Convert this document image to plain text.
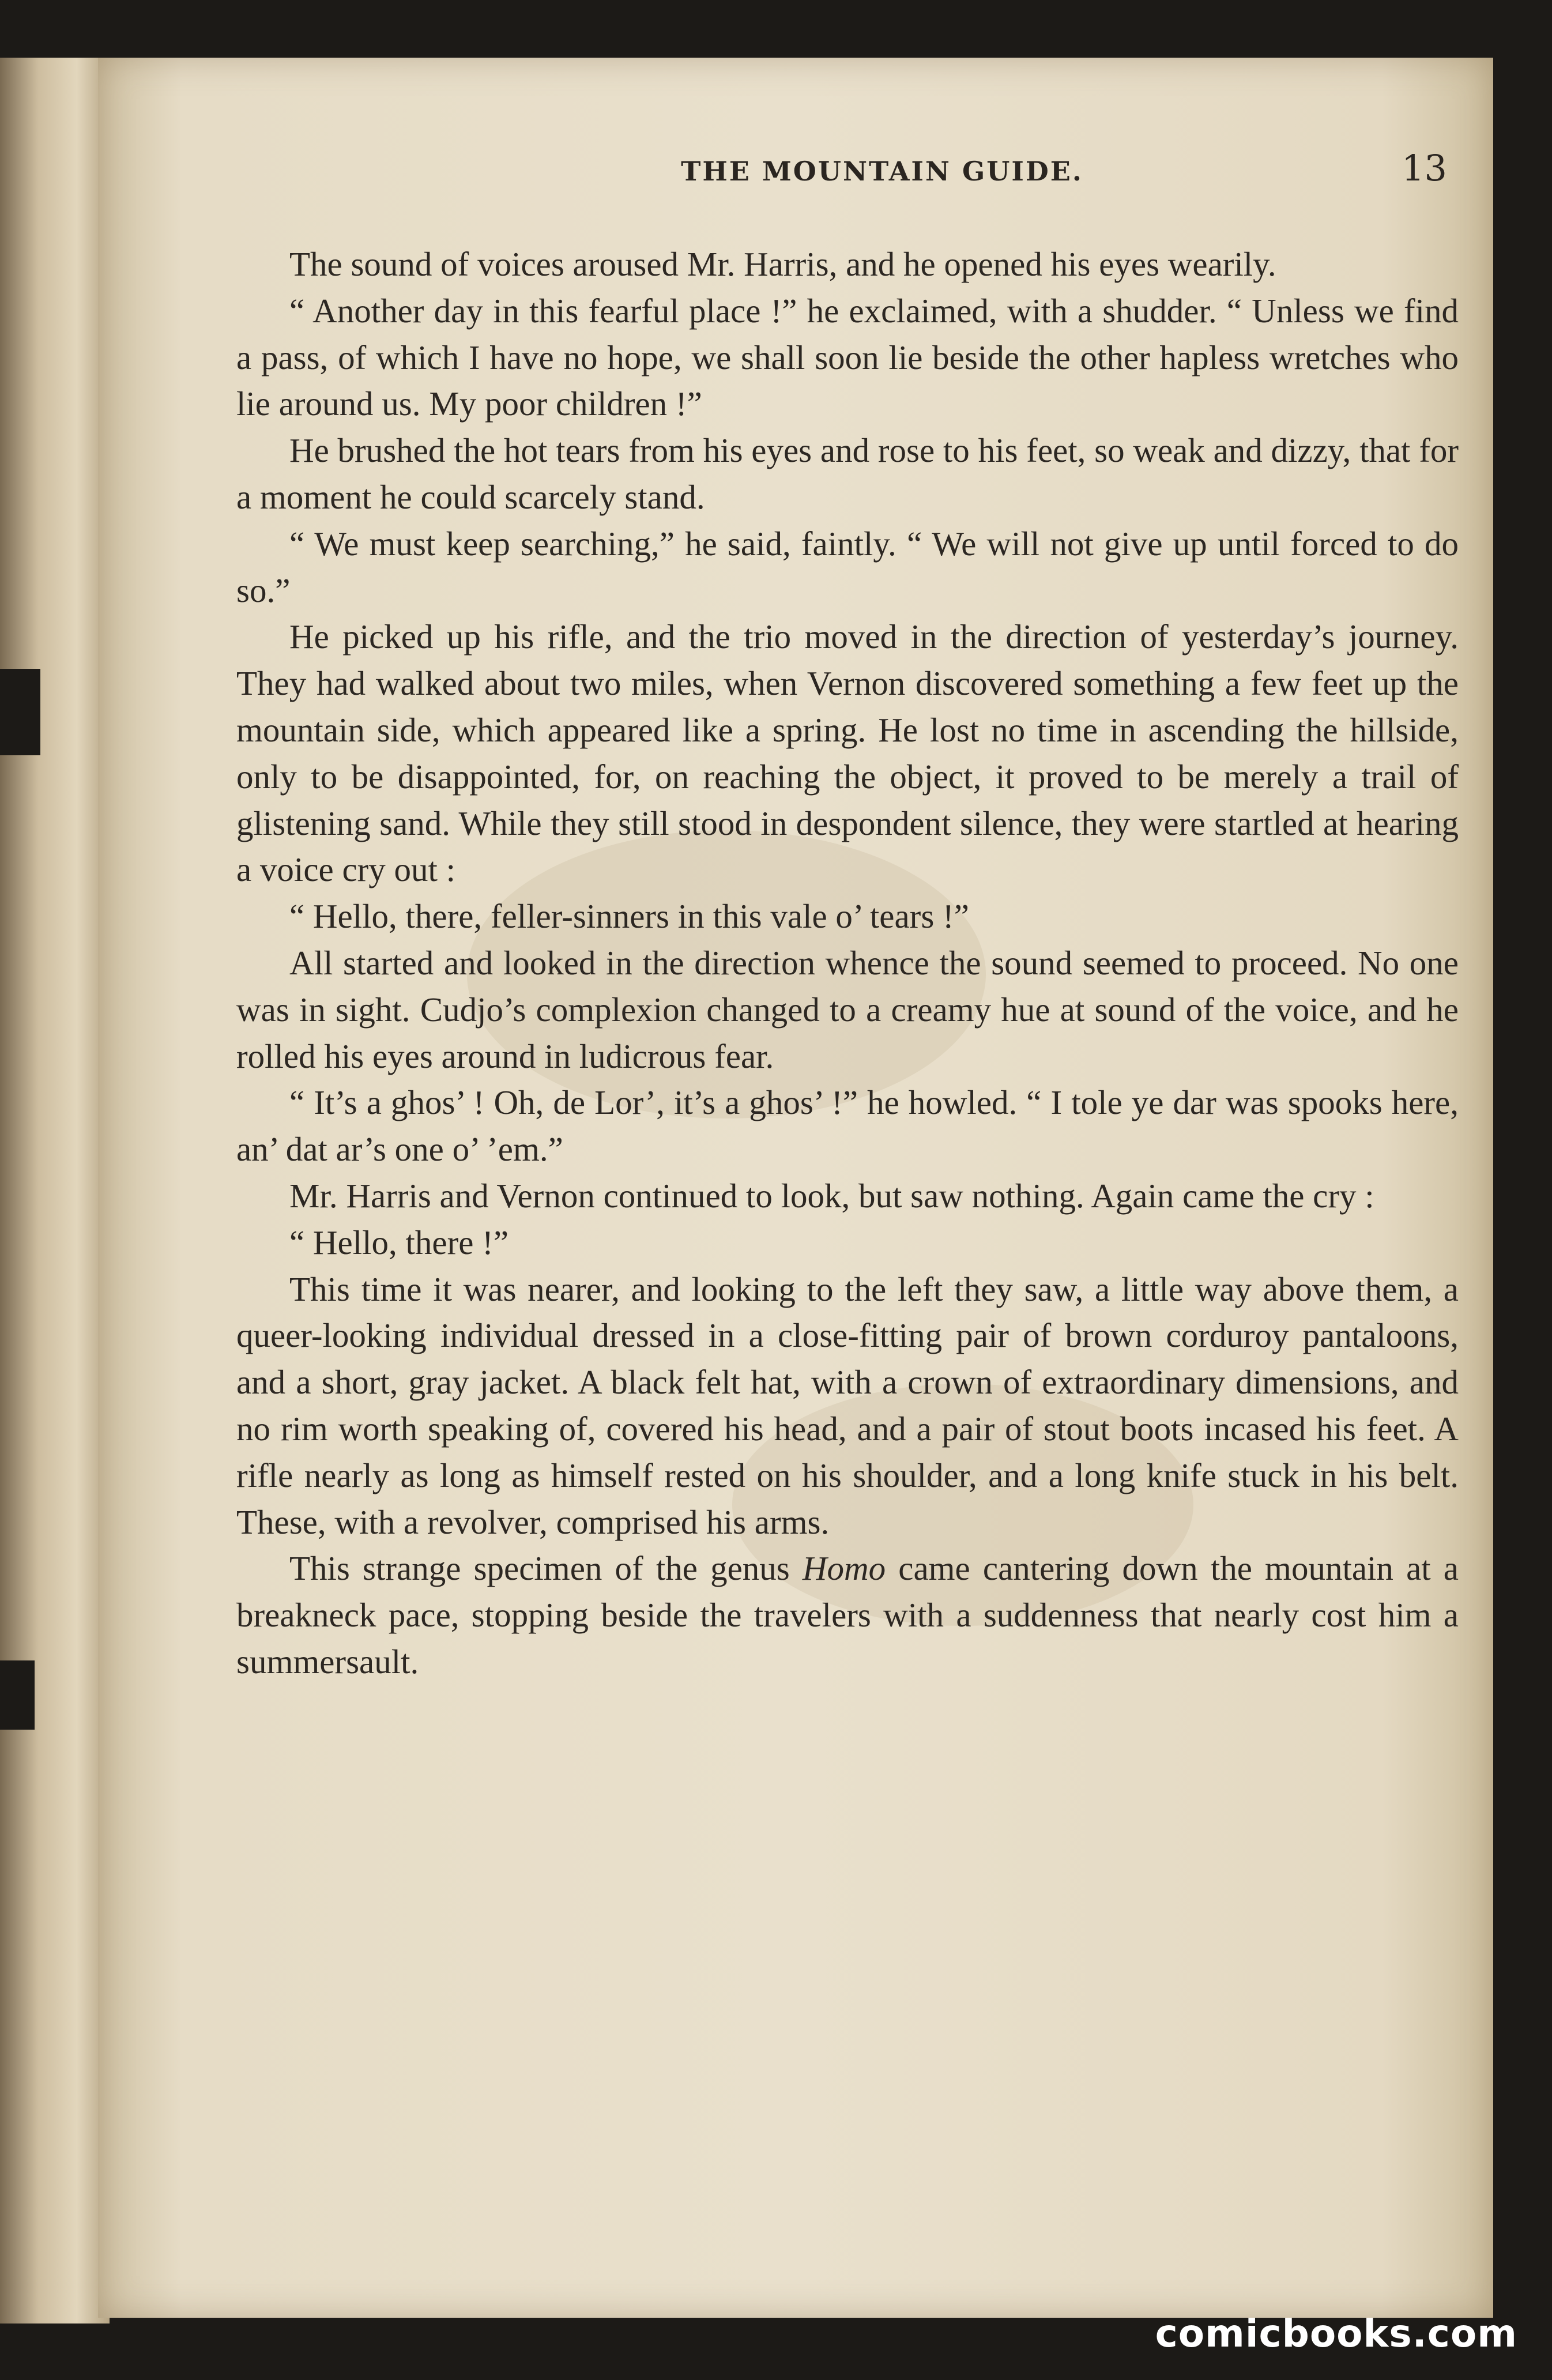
THE MOUNTAIN GUIDE.	13

The sound of voices aroused Mr. Harris, and he opened his eyes wearily.

“ Another day in this fearful place !” he exclaimed, with a shudder. “ Unless we find a pass, of which I have no hope, we shall soon lie beside the other hapless wretches who lie around us. My poor children !”

He brushed the hot tears from his eyes and rose to his feet, so weak and dizzy, that for a moment he could scarcely stand.

“ We must keep searching,” he said, faintly. “ We will not give up until forced to do so.”

He picked up his rifle, and the trio moved in the direction of yesterday’s journey. They had walked about two miles, when Vernon discovered something a few feet up the mountain side, which appeared like a spring. He lost no time in ascending the hillside, only to be disappointed, for, on reaching the object, it proved to be merely a trail of glistening sand. While they still stood in despondent silence, they were startled at hearing a voice cry out :

“ Hello, there, feller-sinners in this vale o’ tears !”

All started and looked in the direction whence the sound seemed to proceed. No one was in sight. Cudjo’s complexion changed to a creamy hue at sound of the voice, and he rolled his eyes around in ludicrous fear.

“ It’s a ghos’ ! Oh, de Lor’, it’s a ghos’ !” he howled. “ I tole ye dar was spooks here, an’ dat ar’s one o’ ’em.”

Mr. Harris and Vernon continued to look, but saw nothing. Again came the cry :

“ Hello, there !”

This time it was nearer, and looking to the left they saw, a little way above them, a queer-looking individual dressed in a close-fitting pair of brown corduroy pantaloons, and a short, gray jacket. A black felt hat, with a crown of extraordinary dimensions, and no rim worth speaking of, covered his head, and a pair of stout boots incased his feet. A rifle nearly as long as himself rested on his shoulder, and a long knife stuck in his belt. These, with a revolver, comprised his arms.

This strange specimen of the genus Homo came cantering down the mountain at a breakneck pace, stopping beside the travelers with a suddenness that nearly cost him a summersault.

comicbooks.com
